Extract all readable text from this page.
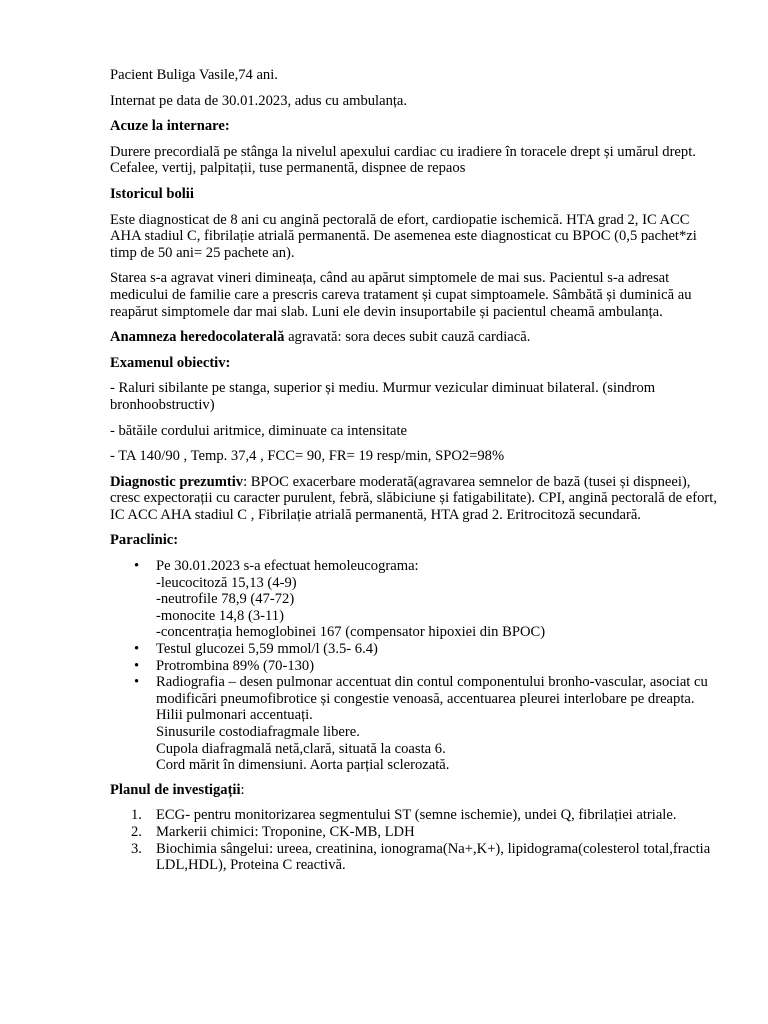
Pacient Buliga Vasile,74 ani.

Internat pe data de 30.01.2023, adus cu ambulanța.

Acuze la internare:

Durere precordială pe stânga la nivelul apexului cardiac cu iradiere în toracele drept și umărul drept. Cefalee, vertij, palpitații, tuse permanentă, dispnee de repaos

Istoricul bolii

Este diagnosticat de 8 ani cu angină pectorală de efort, cardiopatie ischemică. HTA grad 2, IC ACC AHA stadiul C, fibrilație atrială permanentă. De asemenea este diagnosticat cu BPOC (0,5 pachet*zi timp de 50 ani= 25 pachete an).

Starea s-a agravat vineri dimineața, când au apărut simptomele de mai sus. Pacientul s-a adresat medicului de familie care a prescris careva tratament și cupat simptoamele. Sâmbătă și duminică au reapărut simptomele dar mai slab. Luni ele devin insuportabile și pacientul cheamă ambulanța.

Anamneza heredocolaterală agravată: sora deces subit cauză cardiacă.

Examenul obiectiv:

- Raluri sibilante pe stanga, superior și mediu. Murmur vezicular diminuat bilateral. (sindrom bronhoobstructiv)

- bătăile cordului aritmice, diminuate ca intensitate

- TA 140/90 , Temp. 37,4 , FCC= 90, FR= 19 resp/min, SPO2=98%

Diagnostic prezumtiv: BPOC exacerbare moderată(agravarea semnelor de bază (tusei și dispneei), cresc expectorații cu caracter purulent, febră, slăbiciune și fatigabilitate). CPI, angină pectorală de efort, IC ACC AHA stadiul C , Fibrilație atrială permanentă, HTA grad 2. Eritrocitoză secundară.

Paraclinic:

• Pe 30.01.2023 s-a efectuat hemoleucograma:
-leucocitoză 15,13 (4-9)
-neutrofile 78,9 (47-72)
-monocite 14,8 (3-11)
-concentrația hemoglobinei 167 (compensator hipoxiei din BPOC)
• Testul glucozei 5,59 mmol/l (3.5- 6.4)
• Protrombina 89% (70-130)
• Radiografia – desen pulmonar accentuat din contul componentului bronho-vascular, asociat cu modificări pneumofibrotice și congestie venoasă, accentuarea pleurei interlobare pe dreapta.
Hilii pulmonari accentuați.
Sinusurile costodiafragmale libere.
Cupola diafragmală netă,clară, situată la coasta 6.
Cord mărit în dimensiuni. Aorta parțial sclerozată.

Planul de investigații:

1. ECG- pentru monitorizarea segmentului ST (semne ischemie), undei Q, fibrilației atriale.
2. Markerii chimici: Troponine, CK-MB, LDH
3. Biochimia sângelui: ureea, creatinina, ionograma(Na+,K+), lipidograma(colesterol total,fractia LDL,HDL), Proteina C reactivă.
